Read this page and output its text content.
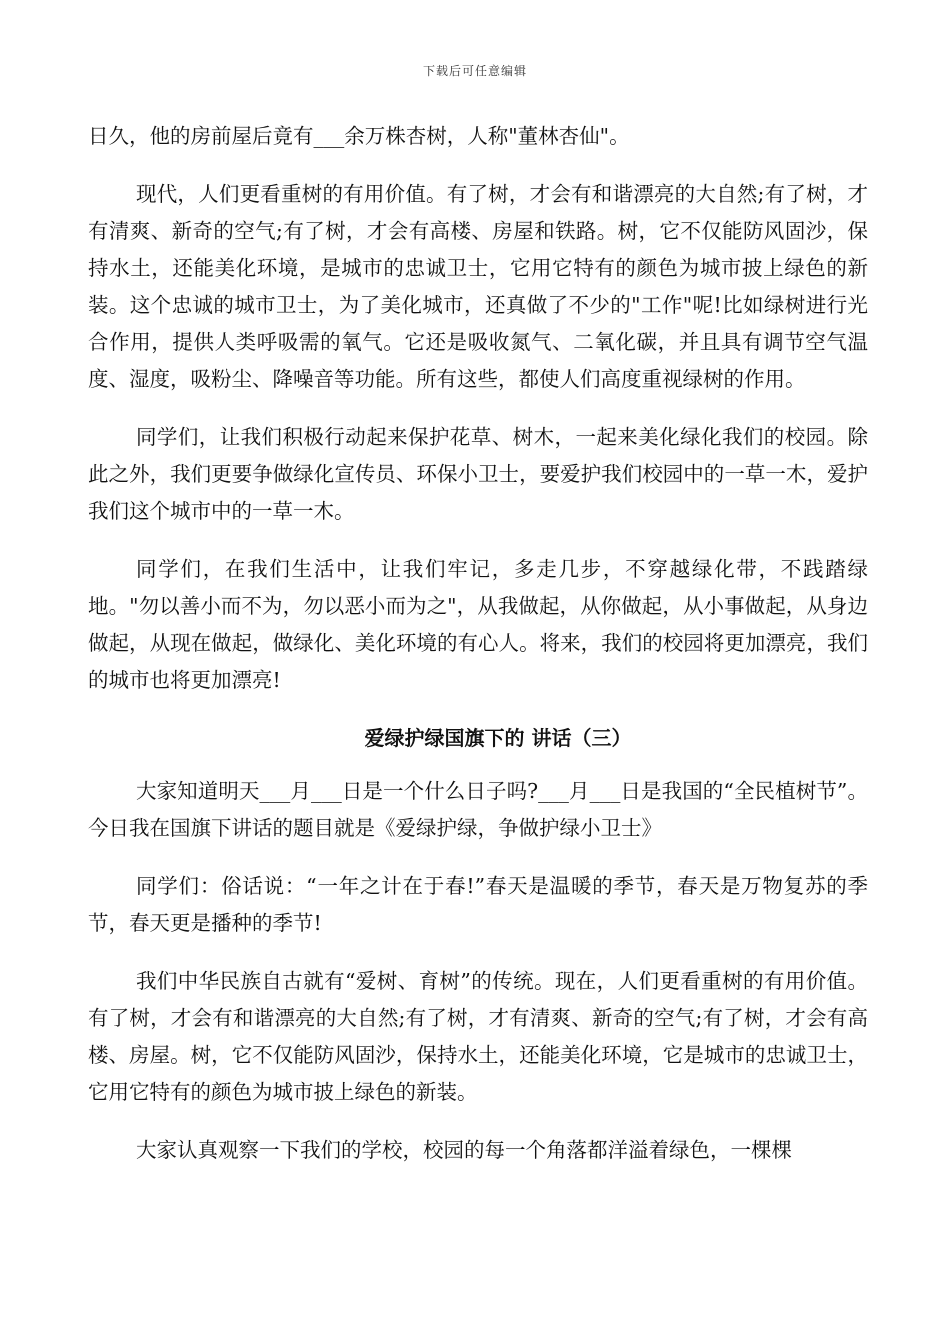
下载后可任意编辑

日久，他的房前屋后竟有___余万株杏树，人称"董林杏仙"。

现代，人们更看重树的有用价值。有了树，才会有和谐漂亮的大自然;有了树，才有清爽、新奇的空气;有了树，才会有高楼、房屋和铁路。树，它不仅能防风固沙，保持水土，还能美化环境，是城市的忠诚卫士，它用它特有的颜色为城市披上绿色的新装。这个忠诚的城市卫士，为了美化城市，还真做了不少的"工作"呢!比如绿树进行光合作用，提供人类呼吸需的氧气。它还是吸收氮气、二氧化碳，并且具有调节空气温度、湿度，吸粉尘、降噪音等功能。所有这些，都使人们高度重视绿树的作用。

同学们，让我们积极行动起来保护花草、树木，一起来美化绿化我们的校园。除此之外，我们更要争做绿化宣传员、环保小卫士，要爱护我们校园中的一草一木，爱护我们这个城市中的一草一木。

同学们，在我们生活中，让我们牢记，多走几步，不穿越绿化带，不践踏绿地。"勿以善小而不为，勿以恶小而为之"，从我做起，从你做起，从小事做起，从身边做起，从现在做起，做绿化、美化环境的有心人。将来，我们的校园将更加漂亮，我们的城市也将更加漂亮!

爱绿护绿国旗下的 讲话（三）

大家知道明天___月___日是一个什么日子吗?___月___日是我国的“全民植树节”。今日我在国旗下讲话的题目就是《爱绿护绿，争做护绿小卫士》

同学们：俗话说：“一年之计在于春!”春天是温暖的季节，春天是万物复苏的季节，春天更是播种的季节!

我们中华民族自古就有“爱树、育树”的传统。现在，人们更看重树的有用价值。有了树，才会有和谐漂亮的大自然;有了树，才有清爽、新奇的空气;有了树，才会有高楼、房屋。树，它不仅能防风固沙，保持水土，还能美化环境，它是城市的忠诚卫士，它用它特有的颜色为城市披上绿色的新装。

大家认真观察一下我们的学校，校园的每一个角落都洋溢着绿色，一棵棵
